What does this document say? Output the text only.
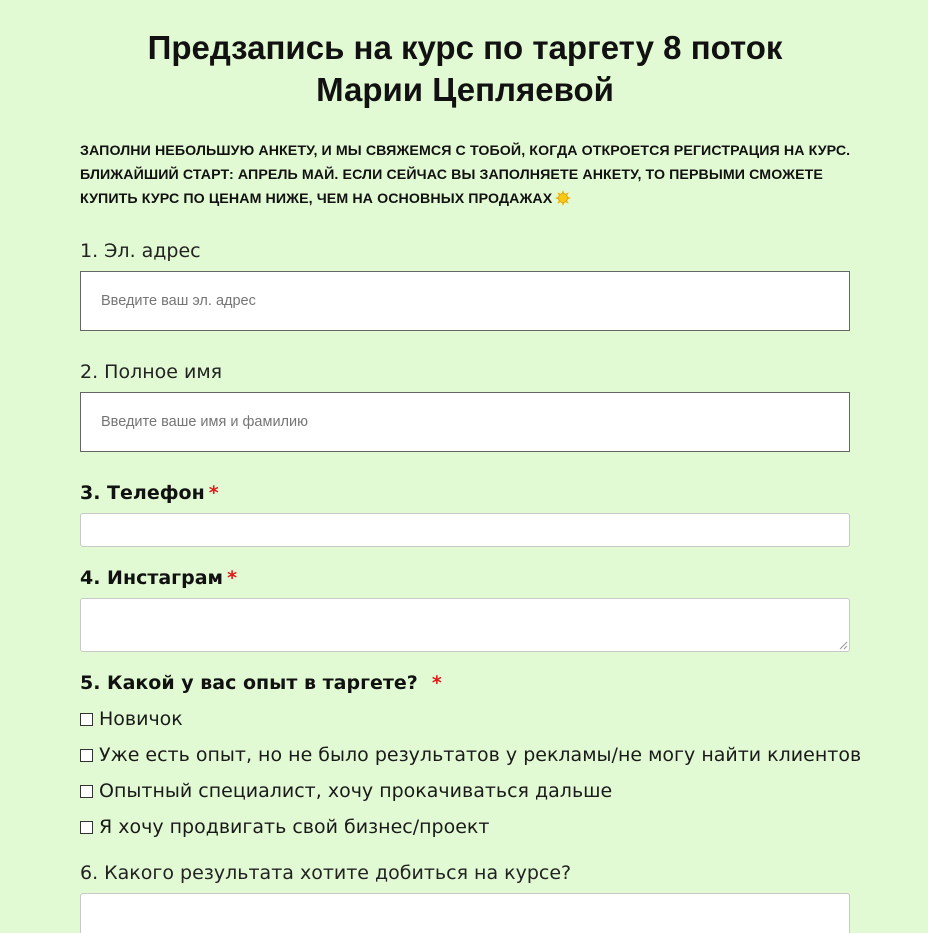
Предзапись на курс по таргету 8 поток
Марии Цепляевой

ЗАПОЛНИ НЕБОЛЬШУЮ АНКЕТУ, И МЫ СВЯЖЕМСЯ С ТОБОЙ, КОГДА ОТКРОЕТСЯ РЕГИСТРАЦИЯ НА КУРС. БЛИЖАЙШИЙ СТАРТ: АПРЕЛЬ МАЙ. ЕСЛИ СЕЙЧАС ВЫ ЗАПОЛНЯЕТЕ АНКЕТУ, ТО ПЕРВЫМИ СМОЖЕТЕ КУПИТЬ КУРС ПО ЦЕНАМ НИЖЕ, ЧЕМ НА ОСНОВНЫХ ПРОДАЖАХ

1. Эл. адрес
Введите ваш эл. адрес
2. Полное имя
Введите ваше имя и фамилию
3. Телефон *
4. Инстаграм *
5. Какой у вас опыт в таргете? *
Новичок
Уже есть опыт, но не было результатов у рекламы/не могу найти клиентов
Опытный специалист, хочу прокачиваться дальше
Я хочу продвигать свой бизнес/проект
6. Какого результата хотите добиться на курсе?
